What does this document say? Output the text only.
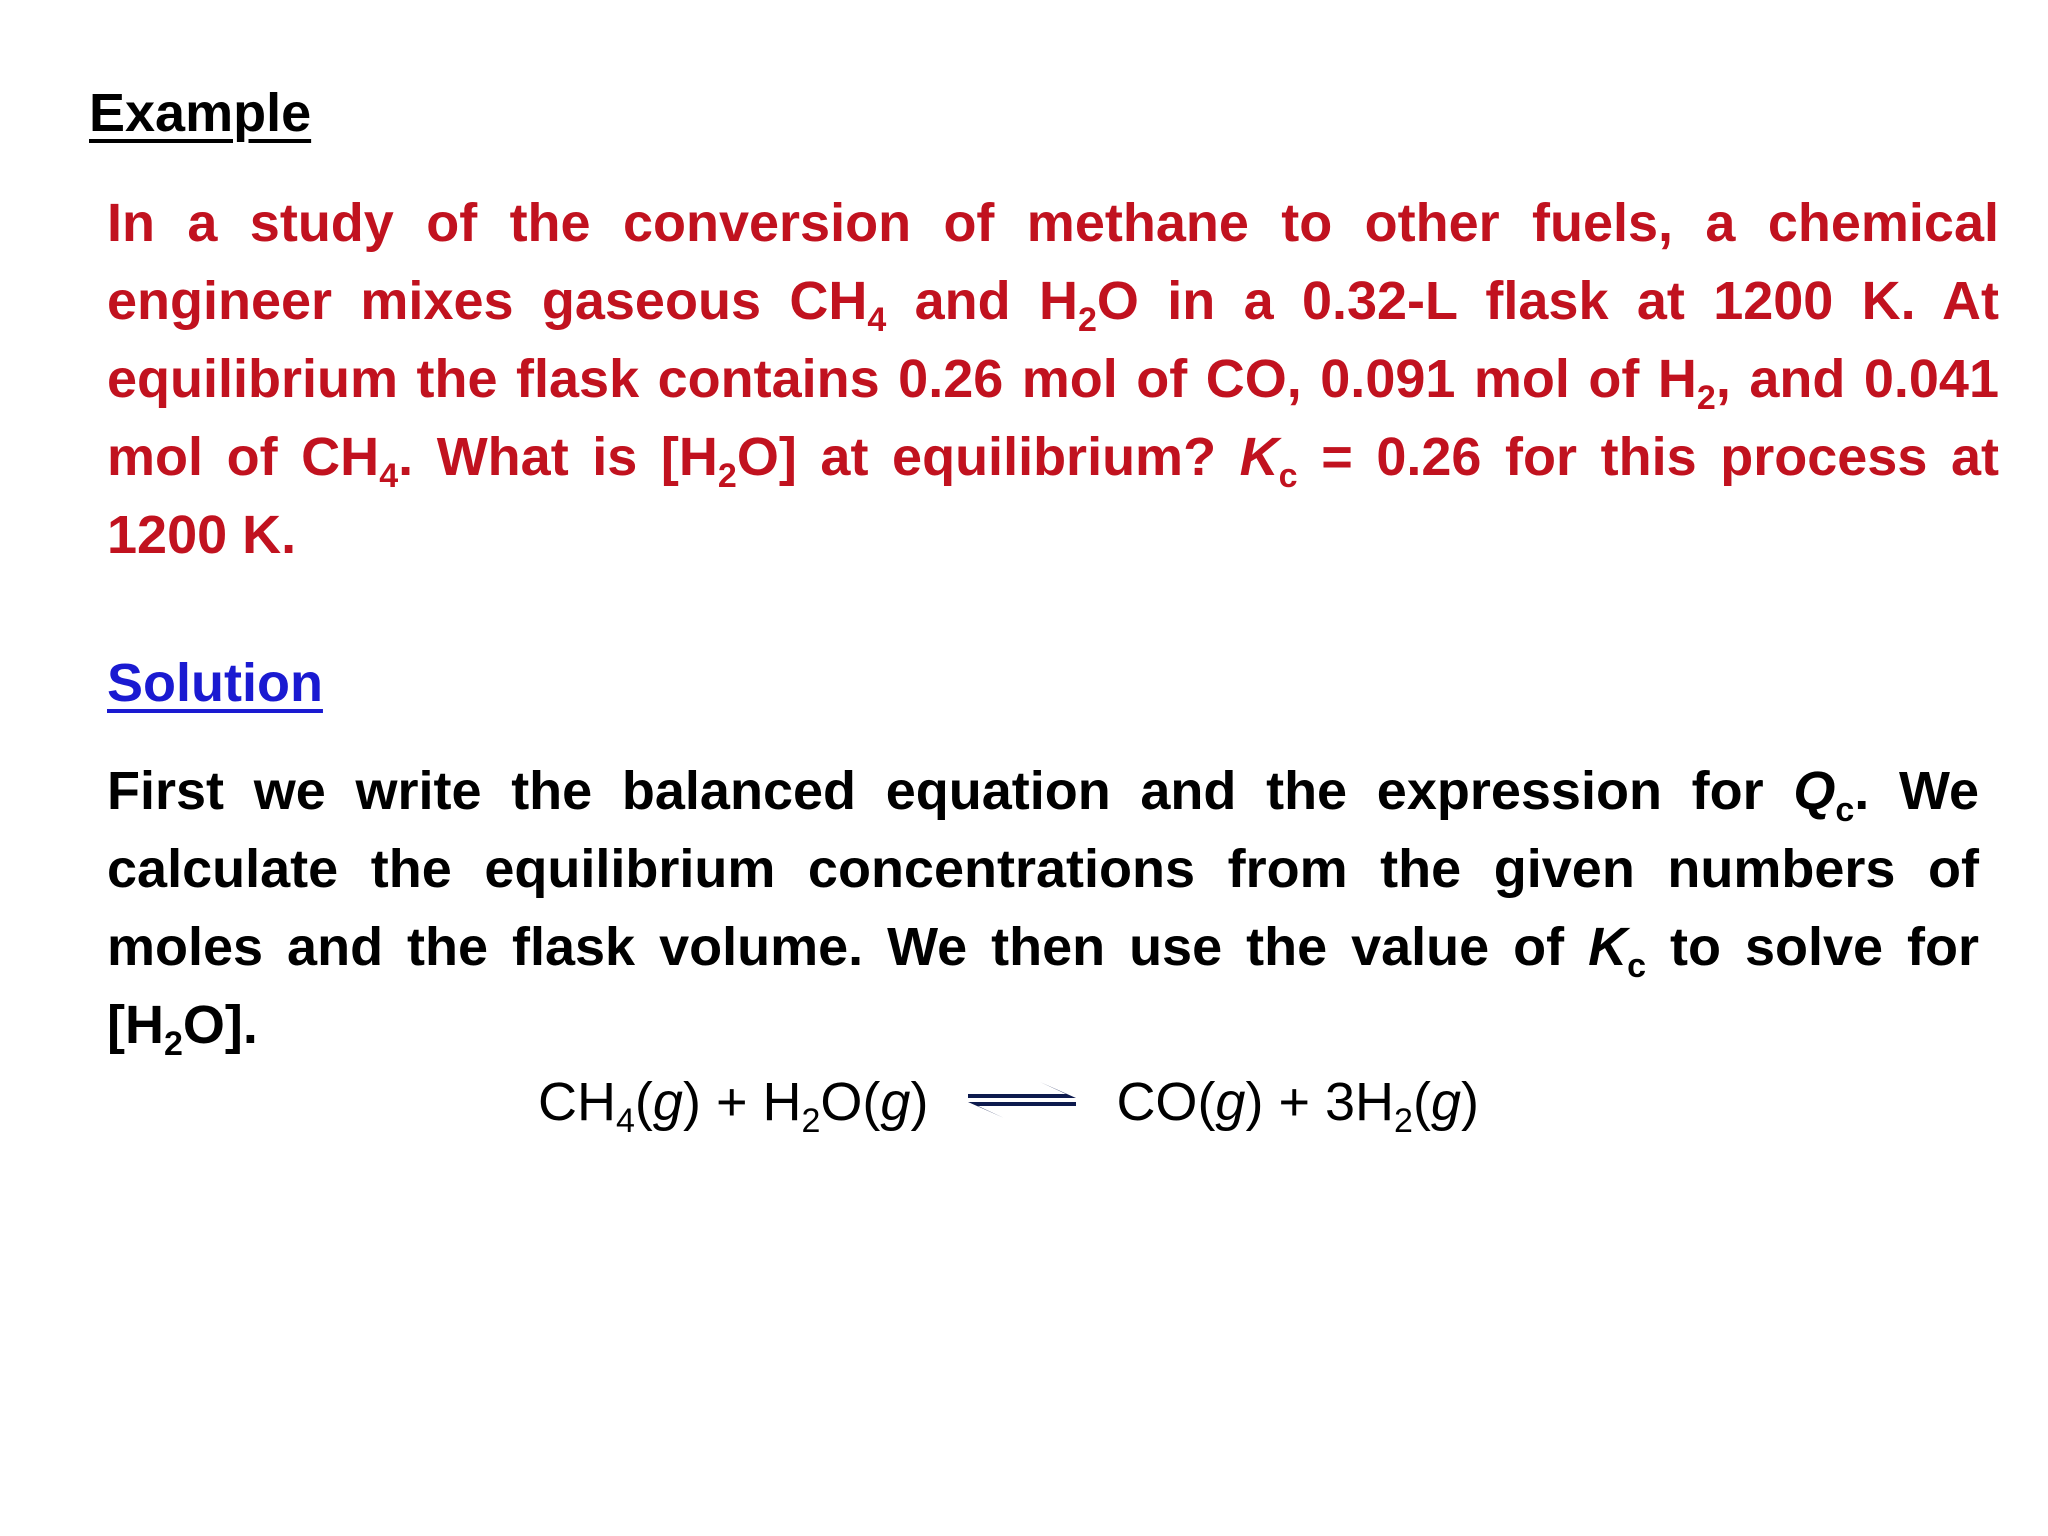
Example

In a study of the conversion of methane to other fuels, a chemical engineer mixes gaseous $CH_4$ and $H_2O$ in a 0.32-L flask at 1200 K. At equilibrium the flask contains 0.26 mol of CO, 0.091 mol of $H_2$, and 0.041 mol of $CH_4$. What is $[H_2O]$ at equilibrium? $K_c = 0.26$ for this process at 1200 K.

Solution

First we write the balanced equation and the expression for $Q_c$. We calculate the equilibrium concentrations from the given numbers of moles and the flask volume. We then use the value of $K_c$ to solve for $[H_2O]$.

$CH_4(g) + H_2O(g)$ ⇌ $CO(g) + 3H_2(g)$
